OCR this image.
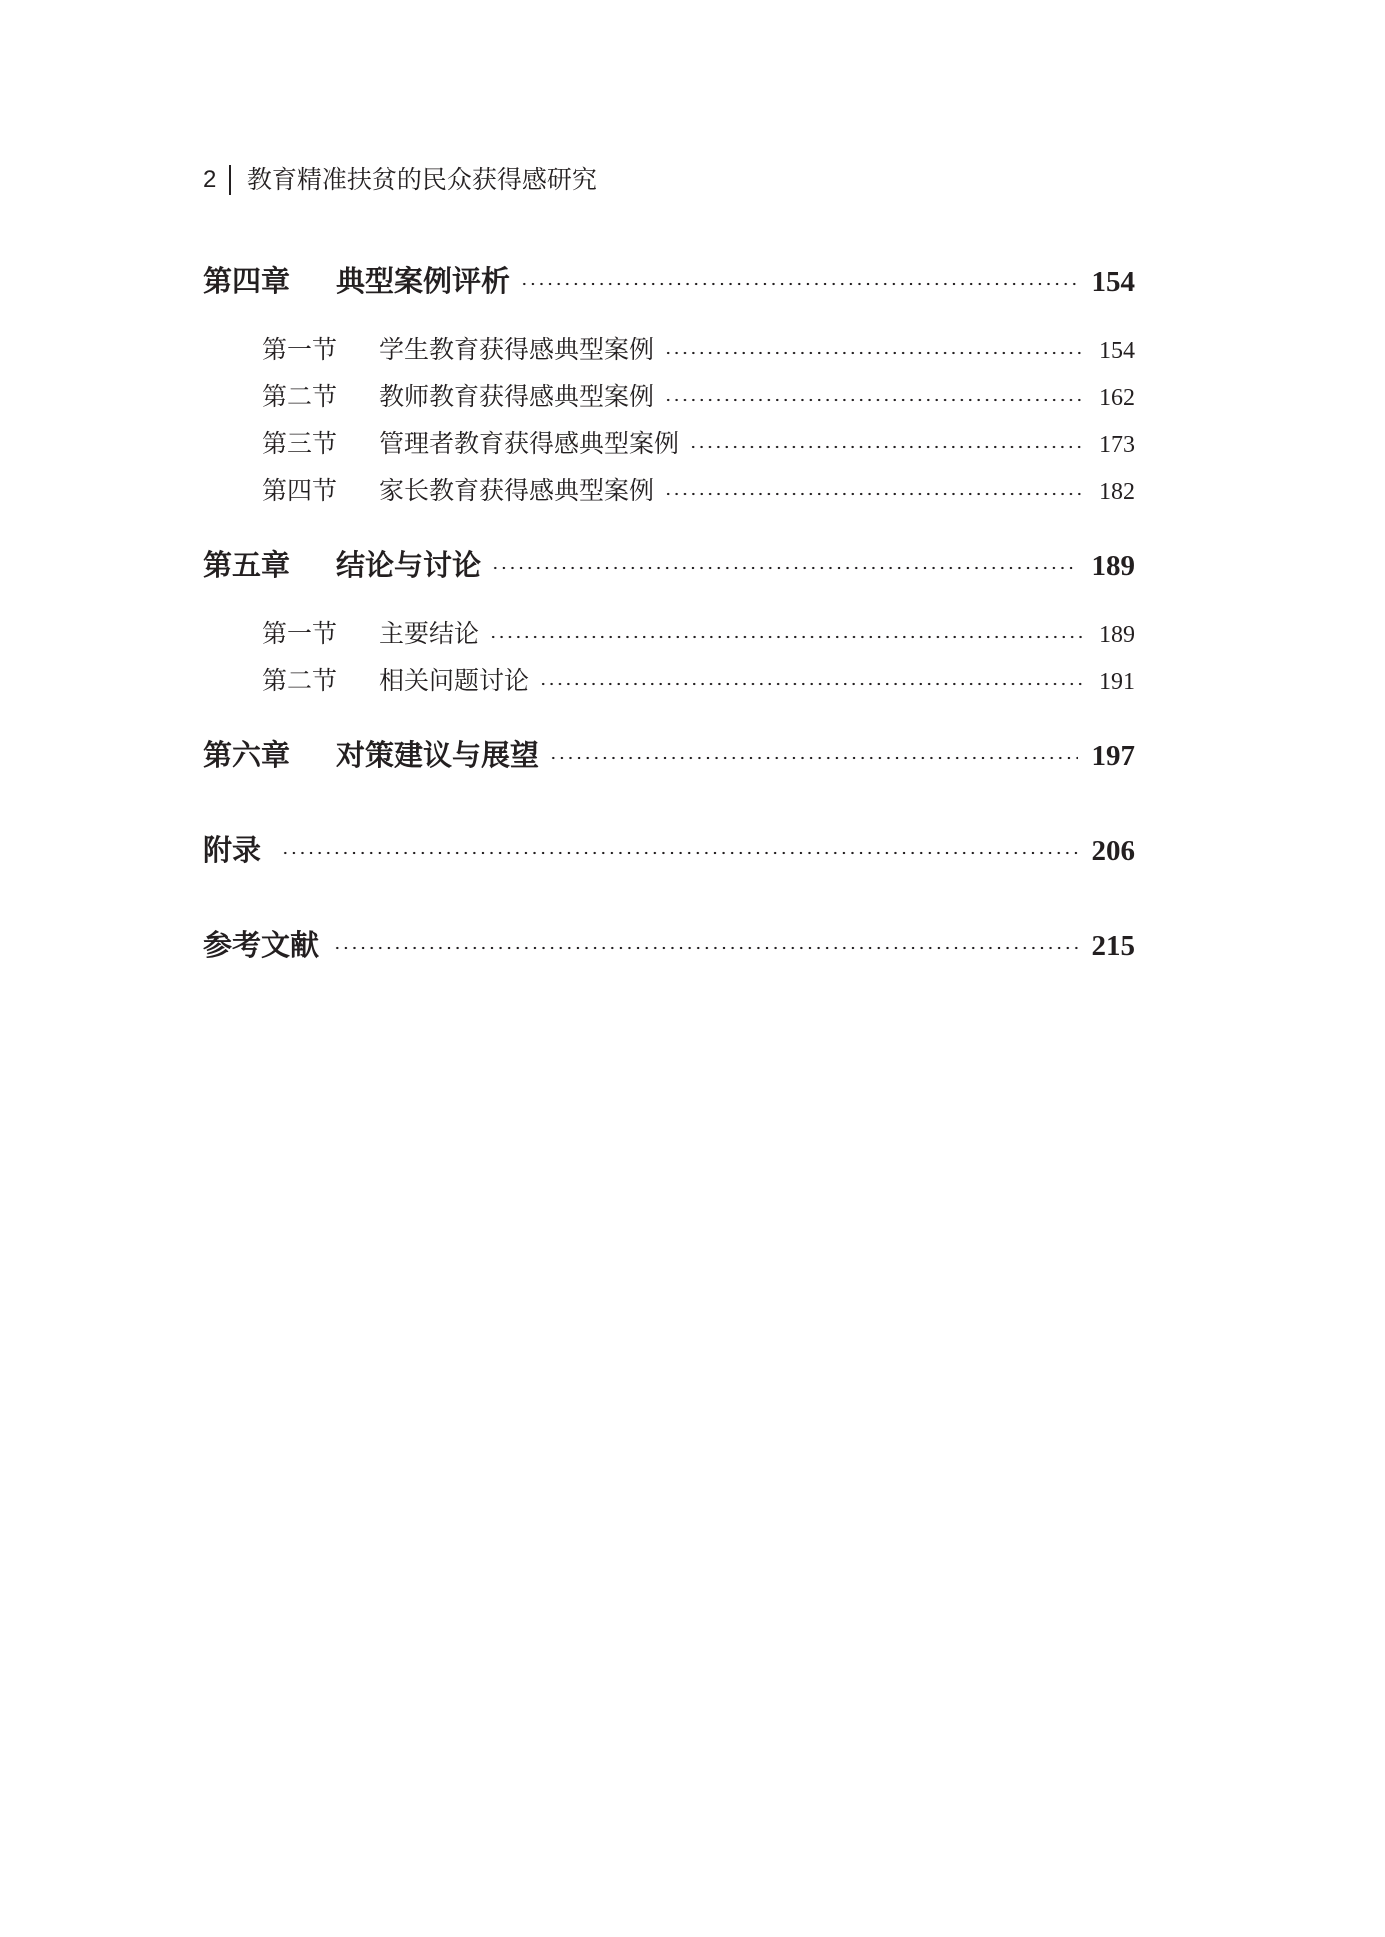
2 教育精准扶贫的民众获得感研究
第四章	典型案例评析	154
第一节	学生教育获得感典型案例	154
第二节	教师教育获得感典型案例	162
第三节	管理者教育获得感典型案例	173
第四节	家长教育获得感典型案例	182
第五章	结论与讨论	189
第一节	主要结论	189
第二节	相关问题讨论	191
第六章	对策建议与展望	197
附录	206
参考文献	215
